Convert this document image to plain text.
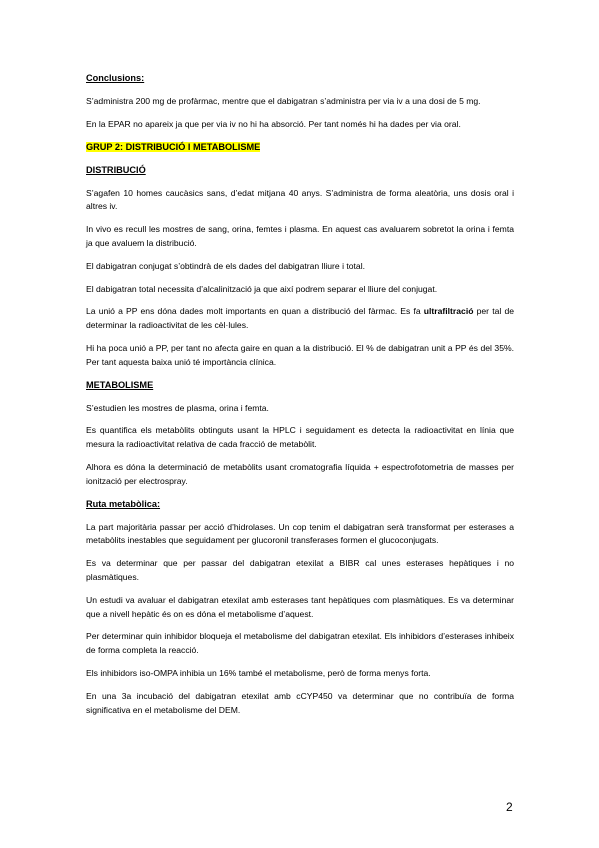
Conclusions:
S’administra 200 mg de profàrmac, mentre que el dabigatran s’administra per via iv a una dosi de 5 mg.
En la EPAR no apareix ja que per via iv no hi ha absorció. Per tant només hi ha dades per via oral.
GRUP 2: DISTRIBUCIÓ I METABOLISME
DISTRIBUCIÓ
S’agafen 10 homes caucàsics sans, d’edat mitjana 40 anys. S’administra de forma aleatòria, uns dosis oral i altres iv.
In vivo es recull les mostres de sang, orina, femtes i plasma. En aquest cas avaluarem sobretot la orina i femta ja que avaluem la distribució.
El dabigatran conjugat s’obtindrà de els dades del dabigatran lliure i total.
El dabigatran total necessita d’alcalinització ja que així podrem separar el lliure del conjugat.
La unió a PP ens dóna dades molt importants en quan a distribució del fàrmac. Es fa ultrafiltració per tal de determinar la radioactivitat de les cèl·lules.
Hi ha poca unió a PP, per tant no afecta gaire en quan a la distribució. El % de dabigatran unit a PP és del 35%. Per tant aquesta baixa unió té importància clínica.
METABOLISME
S’estudien les mostres de plasma, orina i femta.
Es quantifica els metabòlits obtinguts usant la HPLC i seguidament es detecta la radioactivitat en línia que mesura la radioactivitat relativa de cada fracció de metabòlit.
Alhora es dóna la determinació de metabòlits usant cromatografia líquida + espectrofotometria de masses per ionització per electrospray.
Ruta metabòlica:
La part majoritària passar per acció d’hidrolases. Un cop tenim el dabigatran serà transformat per esterases a metabòlits inestables que seguidament per glucoronil transferases formen el glucoconjugats.
Es va determinar que per passar del dabigatran etexilat a BIBR cal unes esterases hepàtiques i no plasmàtiques.
Un estudi va avaluar el dabigatran etexilat amb esterases tant hepàtiques com plasmàtiques. Es va determinar que a nivell hepàtic és on es dóna el metabolisme d’aquest.
Per determinar quin inhibidor bloqueja el metabolisme del dabigatran etexilat. Els inhibidors d’esterases inhibeix de forma completa la reacció.
Els inhibidors iso-OMPA inhibia un 16% també el metabolisme, però de forma menys forta.
En una 3a incubació del dabigatran etexilat amb cCYP450 va determinar que no contribuïa de forma significativa en el metabolisme del DEM.
2
